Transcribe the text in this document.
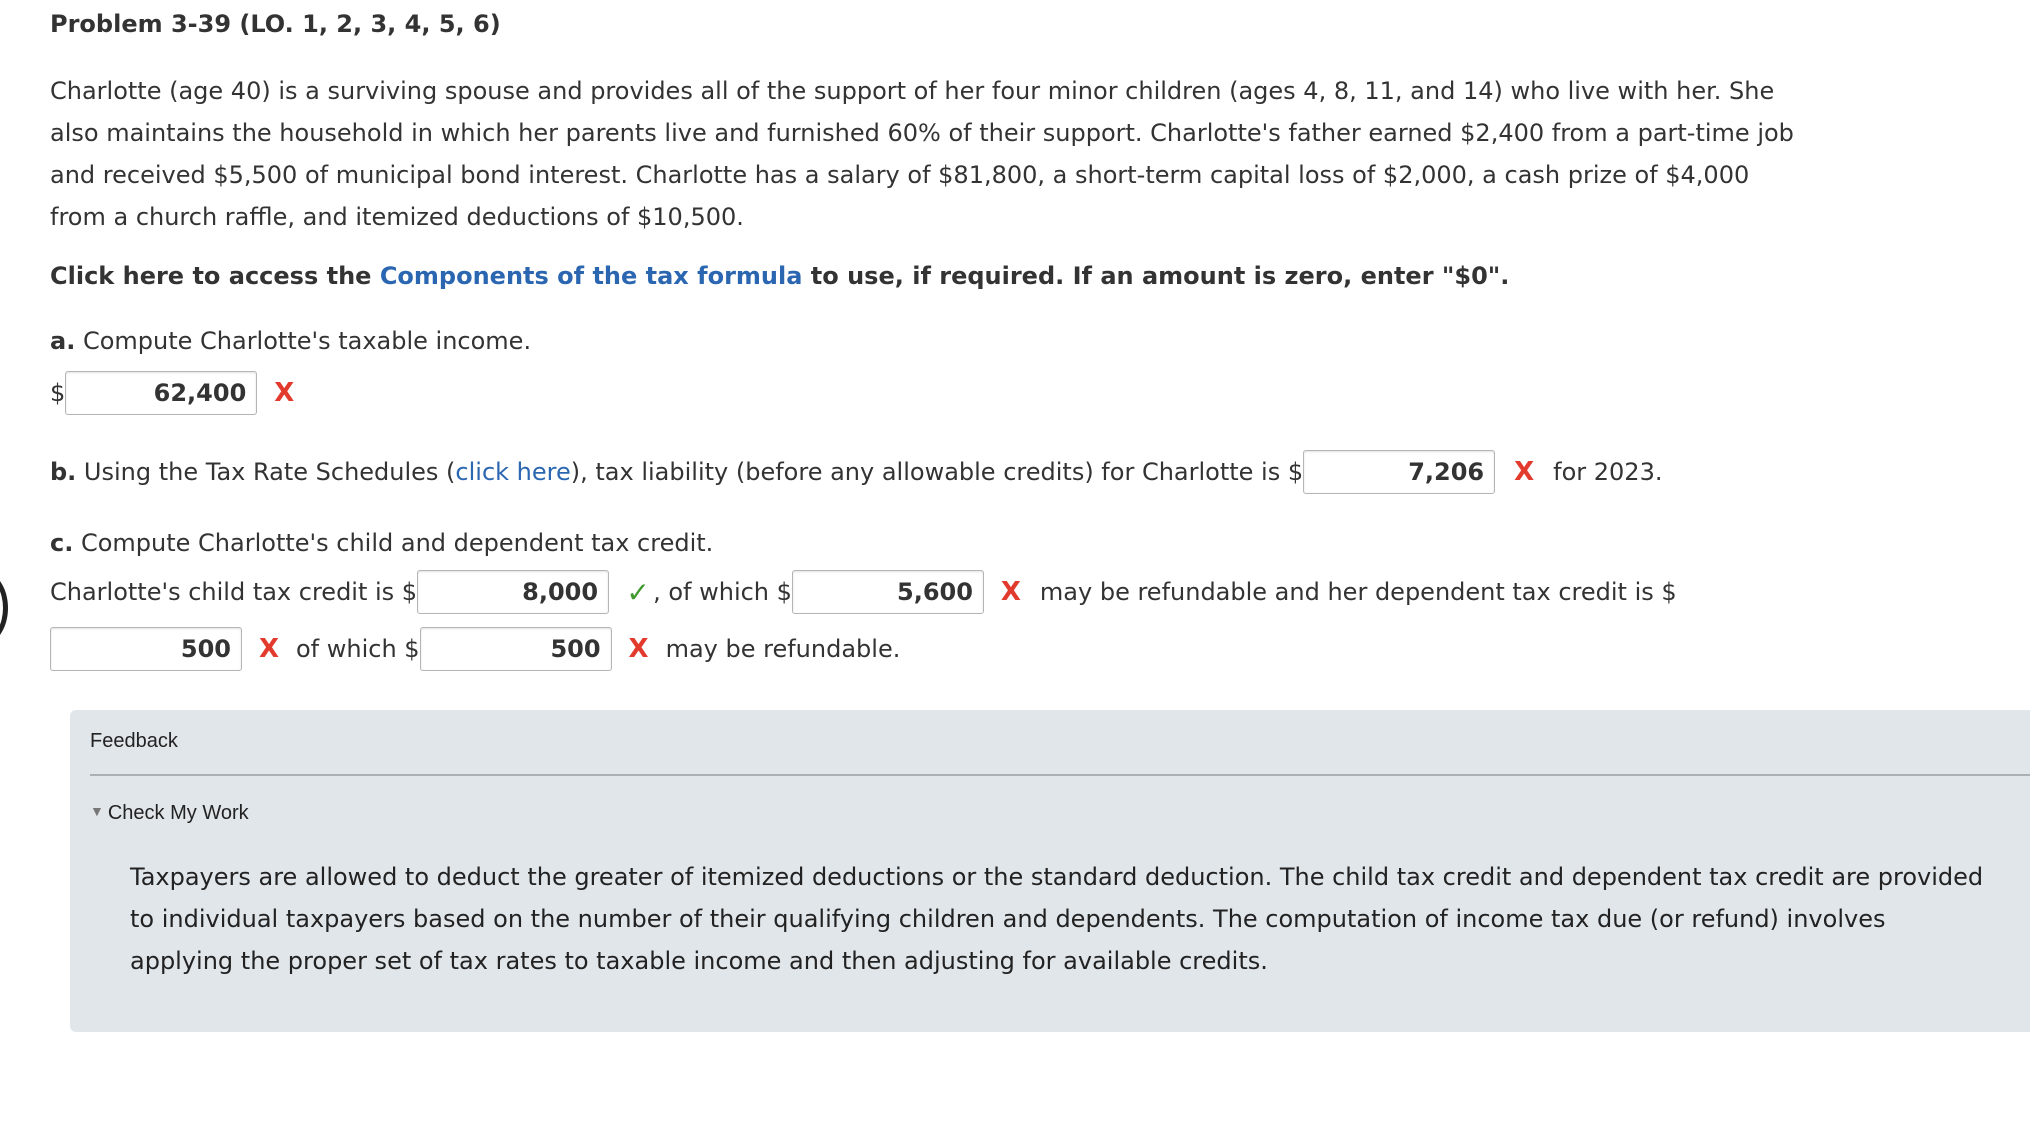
Problem 3-39 (LO. 1, 2, 3, 4, 5, 6)
Charlotte (age 40) is a surviving spouse and provides all of the support of her four minor children (ages 4, 8, 11, and 14) who live with her. She also maintains the household in which her parents live and furnished 60% of their support. Charlotte's father earned $2,400 from a part-time job and received $5,500 of municipal bond interest. Charlotte has a salary of $81,800, a short-term capital loss of $2,000, a cash prize of $4,000 from a church raffle, and itemized deductions of $10,500.
Click here to access the Components of the tax formula to use, if required. If an amount is zero, enter "$0".
a. Compute Charlotte's taxable income.
$	62,400	X
b. Using the Tax Rate Schedules ( click here ), tax liability (before any allowable credits) for Charlotte is $	7,206	X for 2023.
c. Compute Charlotte's child and dependent tax credit.
Charlotte's child tax credit is $	8,000	✓ , of which $	5,600	X may be refundable and her dependent tax credit is $
500	X of which $	500	X may be refundable.
Feedback
▼ Check My Work
Taxpayers are allowed to deduct the greater of itemized deductions or the standard deduction. The child tax credit and dependent tax credit are provided to individual taxpayers based on the number of their qualifying children and dependents. The computation of income tax due (or refund) involves applying the proper set of tax rates to taxable income and then adjusting for available credits.
